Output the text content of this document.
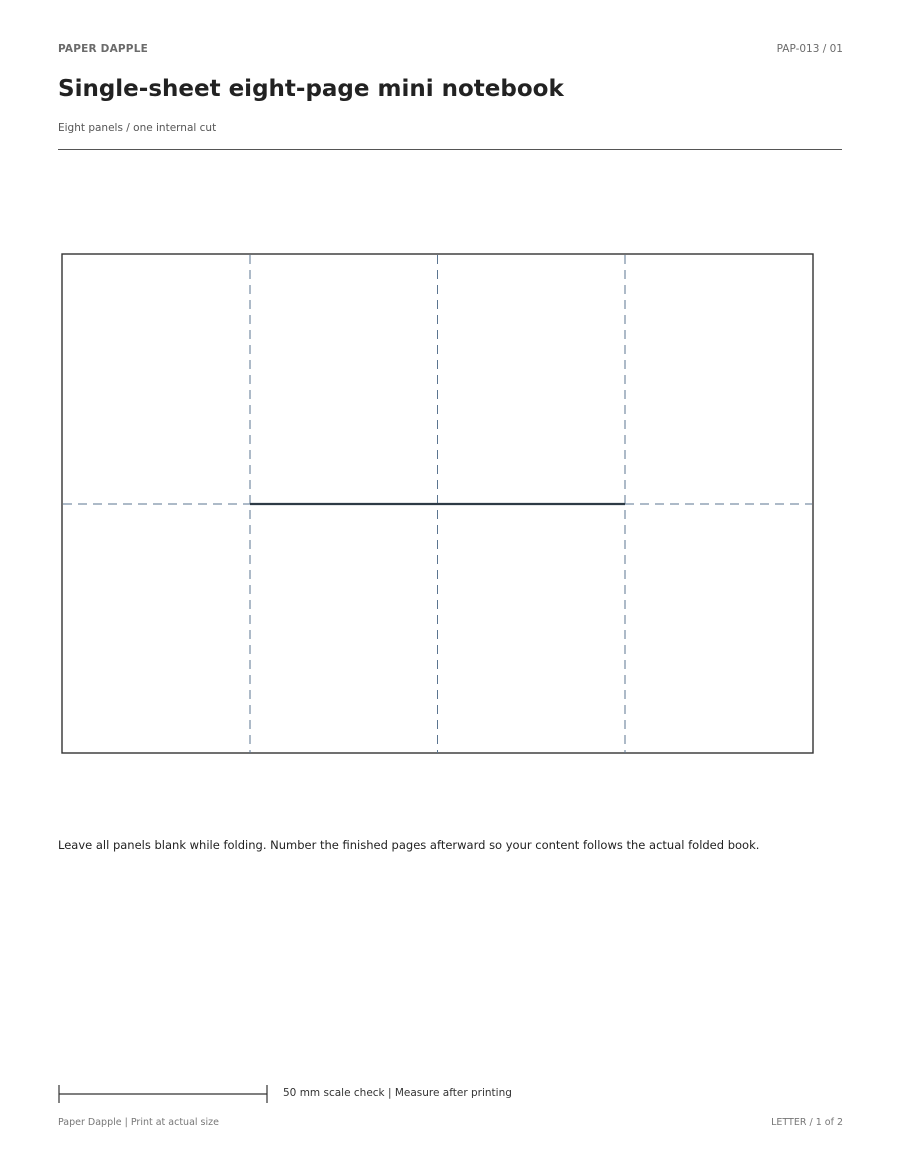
PAPER DAPPLE	PAP-013 / 01
Single-sheet eight-page mini notebook
Eight panels / one internal cut
Leave all panels blank while folding. Number the finished pages afterward so your content follows the actual folded book.
50 mm scale check | Measure after printing
Paper Dapple | Print at actual size	LETTER / 1 of 2
